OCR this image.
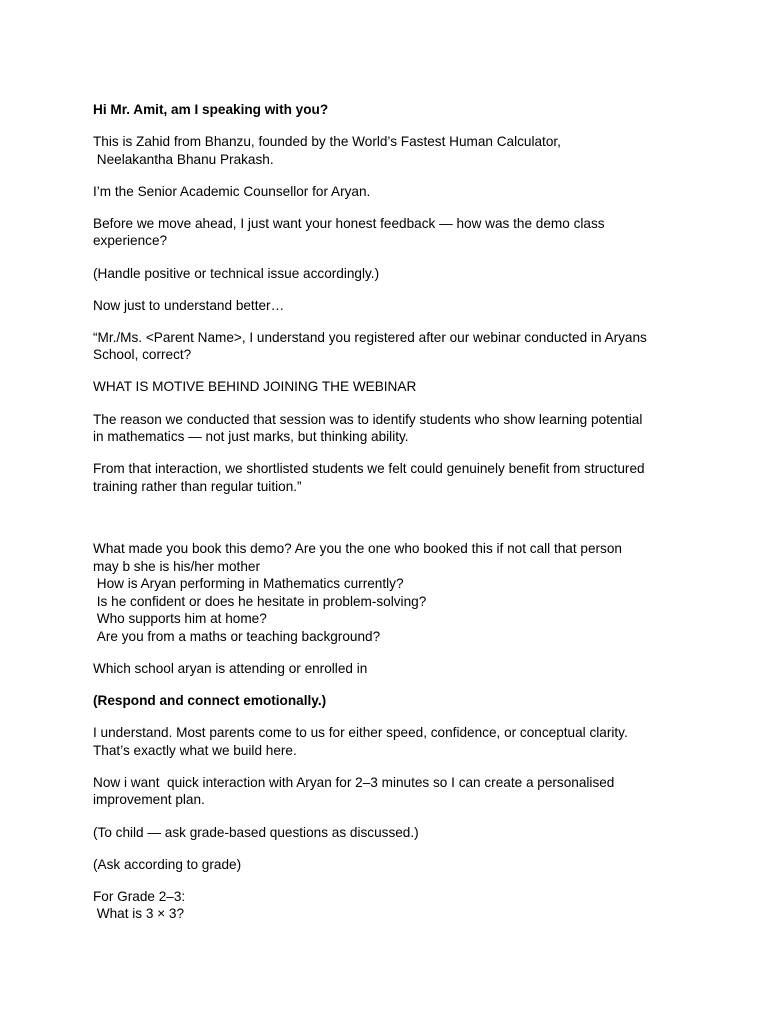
Hi Mr. Amit, am I speaking with you?
This is Zahid from Bhanzu, founded by the World’s Fastest Human Calculator,
Neelakantha Bhanu Prakash.
I’m the Senior Academic Counsellor for Aryan.
Before we move ahead, I just want your honest feedback — how was the demo class
experience?
(Handle positive or technical issue accordingly.)
Now just to understand better…
“Mr./Ms. <Parent Name>, I understand you registered after our webinar conducted in Aryans
School, correct?
WHAT IS MOTIVE BEHIND JOINING THE WEBINAR
The reason we conducted that session was to identify students who show learning potential
in mathematics — not just marks, but thinking ability.
From that interaction, we shortlisted students we felt could genuinely benefit from structured
training rather than regular tuition.”
What made you book this demo? Are you the one who booked this if not call that person
may b she is his/her mother
How is Aryan performing in Mathematics currently?
Is he confident or does he hesitate in problem-solving?
Who supports him at home?
Are you from a maths or teaching background?
Which school aryan is attending or enrolled in
(Respond and connect emotionally.)
I understand. Most parents come to us for either speed, confidence, or conceptual clarity.
That’s exactly what we build here.
Now i want  quick interaction with Aryan for 2–3 minutes so I can create a personalised
improvement plan.
(To child — ask grade-based questions as discussed.)
(Ask according to grade)
For Grade 2–3:
What is 3 × 3?
